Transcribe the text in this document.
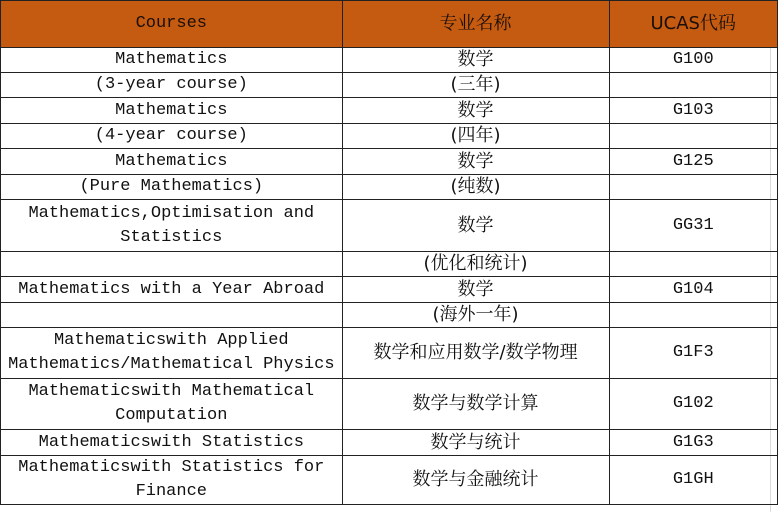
Courses	专业名称	UCAS代码
Mathematics	数学	G100
(3-year course)	(三年)	
Mathematics	数学	G103
(4-year course)	(四年)	
Mathematics	数学	G125
(Pure Mathematics)	(纯数)	
Mathematics,Optimisation and Statistics	数学	GG31
	(优化和统计)	
Mathematics with a Year Abroad	数学	G104
	(海外一年)	
Mathematicswith Applied Mathematics/Mathematical Physics	数学和应用数学/数学物理	G1F3
Mathematicswith Mathematical Computation	数学与数学计算	G102
Mathematicswith Statistics	数学与统计	G1G3
Mathematicswith Statistics for Finance	数学与金融统计	G1GH
